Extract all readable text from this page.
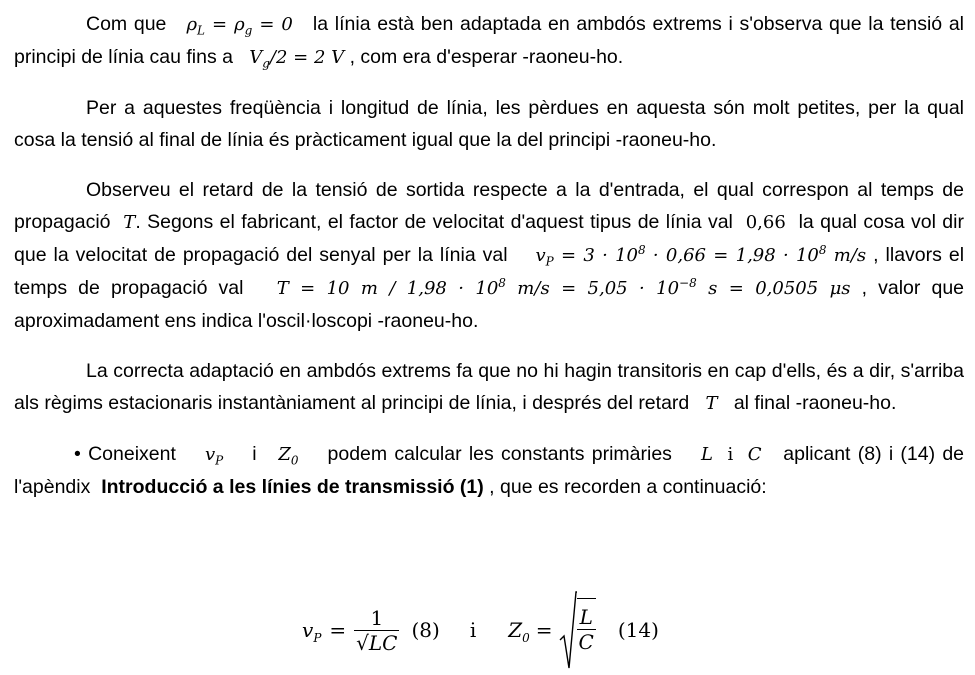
Com que $\rho_L = \rho_g = 0$ la línia està ben adaptada en ambdós extrems i s'observa que la tensió al principi de línia cau fins a $V_g/2 = 2$ V , com era d'esperar -raoneu-ho.

Per a aquestes freqüència i longitud de línia, les pèrdues en aquesta són molt petites, per la qual cosa la tensió al final de línia és pràcticament igual que la del principi -raoneu-ho.

Observeu el retard de la tensió de sortida respecte a la d'entrada, el qual correspon al temps de propagació T. Segons el fabricant, el factor de velocitat d'aquest tipus de línia val 0,66 la qual cosa vol dir que la velocitat de propagació del senyal per la línia val $v_P = 3 \cdot 10^8 \cdot 0,66 = 1,98 \cdot 10^8$ m/s , llavors el temps de propagació val T = 10 $m / 1,98 \cdot 10^8$ $m/s = 5,05 \cdot 10^{-8}$ s = 0,0505 μs , valor que aproximadament ens indica l'oscil·loscopi -raoneu-ho.

La correcta adaptació en ambdós extrems fa que no hi hagin transitoris en cap d'ells, és a dir, s'arriba als règims estacionaris instantàniament al principi de línia, i després del retard T al final -raoneu-ho.

• Coneixent $v_P$ i $Z_0$ podem calcular les constants primàries L i C aplicant (8) i (14) de l'apèndix Introducció a les línies de transmissió (1) , que es recorden a continuació:

$v_P = \frac{1}{√LC} (8)$ i $Z_0 = \frac{L}{C} (14)$
